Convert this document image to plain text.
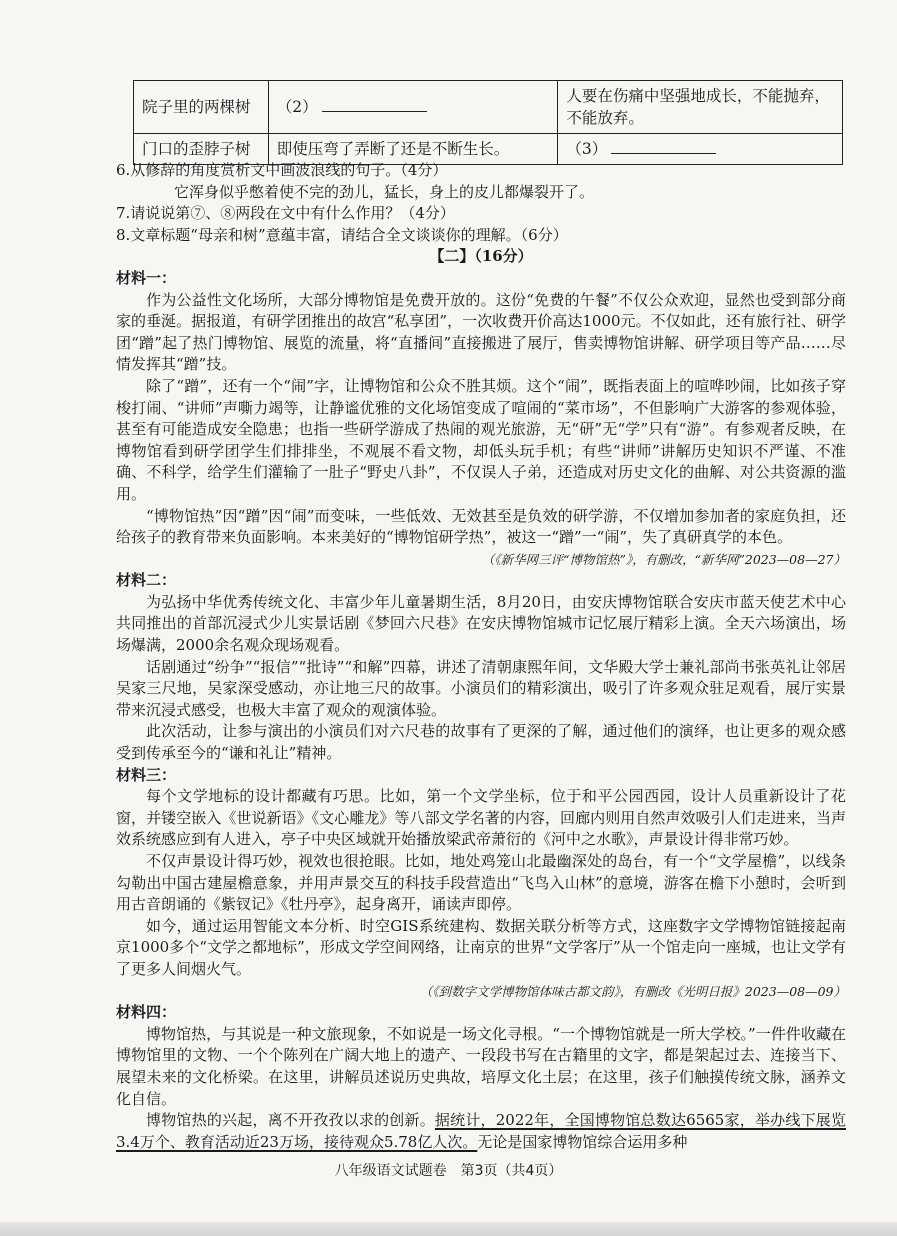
院子里的两棵树	（2）	人要在伤痛中坚强地成长，不能抛弃，不能放弃。
门口的歪脖子树	即使压弯了弄断了还是不断生长。	（3）

6.从修辞的角度赏析文中画波浪线的句子。（4分）

它浑身似乎憋着使不完的劲儿，猛长，身上的皮儿都爆裂开了。

7.请说说第⑦、⑧两段在文中有什么作用？（4分）

8.文章标题“母亲和树”意蕴丰富，请结合全文谈谈你的理解。（6分）

【二】（16分）

材料一：

作为公益性文化场所，大部分博物馆是免费开放的。这份“免费的午餐”不仅公众欢迎，显然也受到部分商家的垂涎。据报道，有研学团推出的故宫“私享团”，一次收费开价高达1000元。不仅如此，还有旅行社、研学团“蹭”起了热门博物馆、展览的流量，将“直播间”直接搬进了展厅，售卖博物馆讲解、研学项目等产品……尽情发挥其“蹭”技。

除了“蹭”，还有一个“闹”字，让博物馆和公众不胜其烦。这个“闹”，既指表面上的喧哗吵闹，比如孩子穿梭打闹、“讲师”声嘶力竭等，让静谧优雅的文化场馆变成了喧闹的“菜市场”，不但影响广大游客的参观体验，甚至有可能造成安全隐患；也指一些研学游成了热闹的观光旅游，无“研”无“学”只有“游”。有参观者反映，在博物馆看到研学团学生们排排坐，不观展不看文物，却低头玩手机；有些“讲师”讲解历史知识不严谨、不准确、不科学，给学生们灌输了一肚子“野史八卦”，不仅误人子弟，还造成对历史文化的曲解、对公共资源的滥用。

“博物馆热”因“蹭”因“闹”而变味，一些低效、无效甚至是负效的研学游，不仅增加参加者的家庭负担，还给孩子的教育带来负面影响。本来美好的“博物馆研学热”，被这一“蹭”一“闹”，失了真研真学的本色。

（《新华网三评“博物馆热”》，有删改，“新华网”2023—08—27）

材料二：

为弘扬中华优秀传统文化、丰富少年儿童暑期生活，8月20日，由安庆博物馆联合安庆市蓝天使艺术中心共同推出的首部沉浸式少儿实景话剧《梦回六尺巷》在安庆博物馆城市记忆展厅精彩上演。全天六场演出，场场爆满，2000余名观众现场观看。

话剧通过“纷争”“报信”“批诗”“和解”四幕，讲述了清朝康熙年间，文华殿大学士兼礼部尚书张英礼让邻居吴家三尺地，吴家深受感动，亦让地三尺的故事。小演员们的精彩演出，吸引了许多观众驻足观看，展厅实景带来沉浸式感受，也极大丰富了观众的观演体验。

此次活动，让参与演出的小演员们对六尺巷的故事有了更深的了解，通过他们的演绎，也让更多的观众感受到传承至今的“谦和礼让”精神。

材料三：

每个文学地标的设计都藏有巧思。比如，第一个文学坐标，位于和平公园西园，设计人员重新设计了花窗，并镂空嵌入《世说新语》《文心雕龙》等八部文学名著的内容，回廊内则用自然声效吸引人们走进来，当声效系统感应到有人进入，亭子中央区域就开始播放梁武帝萧衍的《河中之水歌》，声景设计得非常巧妙。

不仅声景设计得巧妙，视效也很抢眼。比如，地处鸡笼山北最幽深处的岛台，有一个“文学屋檐”，以线条勾勒出中国古建屋檐意象，并用声景交互的科技手段营造出“飞鸟入山林”的意境，游客在檐下小憩时，会听到用古音朗诵的《紫钗记》《牡丹亭》，起身离开，诵读声即停。

如今，通过运用智能文本分析、时空GIS系统建构、数据关联分析等方式，这座数字文学博物馆链接起南京1000多个“文学之都地标”，形成文学空间网络，让南京的世界“文学客厅”从一个馆走向一座城，也让文学有了更多人间烟火气。

（《到数字文学博物馆体味古都文韵》，有删改《光明日报》2023—08—09）

材料四：

博物馆热，与其说是一种文旅现象，不如说是一场文化寻根。“一个博物馆就是一所大学校。”一件件收藏在博物馆里的文物、一个个陈列在广阔大地上的遗产、一段段书写在古籍里的文字，都是架起过去、连接当下、展望未来的文化桥梁。在这里，讲解员述说历史典故，培厚文化土层；在这里，孩子们触摸传统文脉，涵养文化自信。

博物馆热的兴起，离不开孜孜以求的创新。据统计，2022年，全国博物馆总数达6565家，举办线下展览3.4万个、教育活动近23万场，接待观众5.78亿人次。无论是国家博物馆综合运用多种

八年级语文试题卷　第3页（共4页）
